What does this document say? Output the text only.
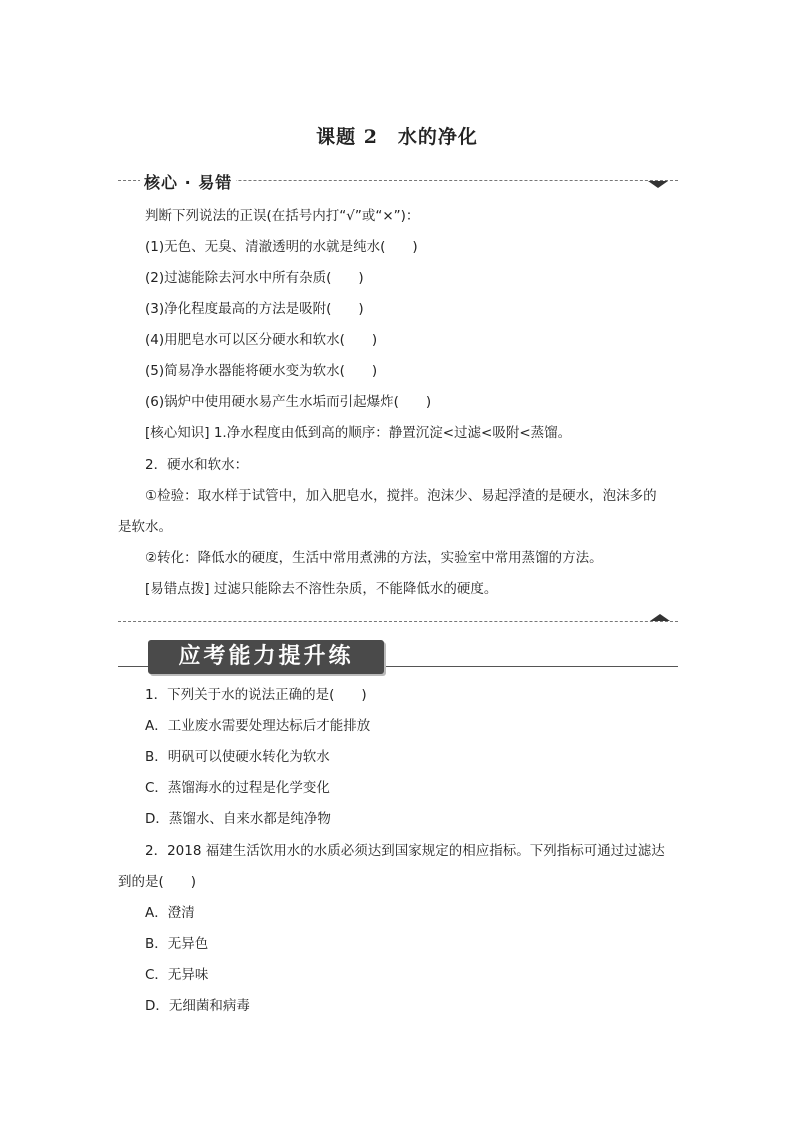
课题 2　水的净化
核心 · 易错
判断下列说法的正误(在括号内打“√”或“×”)：
(1)无色、无臭、清澈透明的水就是纯水(　　)
(2)过滤能除去河水中所有杂质(　　)
(3)净化程度最高的方法是吸附(　　)
(4)用肥皂水可以区分硬水和软水(　　)
(5)简易净水器能将硬水变为软水(　　)
(6)锅炉中使用硬水易产生水垢而引起爆炸(　　)
[核心知识] 1.净水程度由低到高的顺序：静置沉淀<过滤<吸附<蒸馏。
2．硬水和软水：
①检验：取水样于试管中，加入肥皂水，搅拌。泡沫少、易起浮渣的是硬水，泡沫多的
是软水。
②转化：降低水的硬度，生活中常用煮沸的方法，实验室中常用蒸馏的方法。
[易错点拨] 过滤只能除去不溶性杂质，不能降低水的硬度。
应考能力提升练
1．下列关于水的说法正确的是(　　)
A．工业废水需要处理达标后才能排放
B．明矾可以使硬水转化为软水
C．蒸馏海水的过程是化学变化
D．蒸馏水、自来水都是纯净物
2．2018 福建生活饮用水的水质必须达到国家规定的相应指标。下列指标可通过过滤达
到的是(　　)
A．澄清
B．无异色
C．无异味
D．无细菌和病毒
